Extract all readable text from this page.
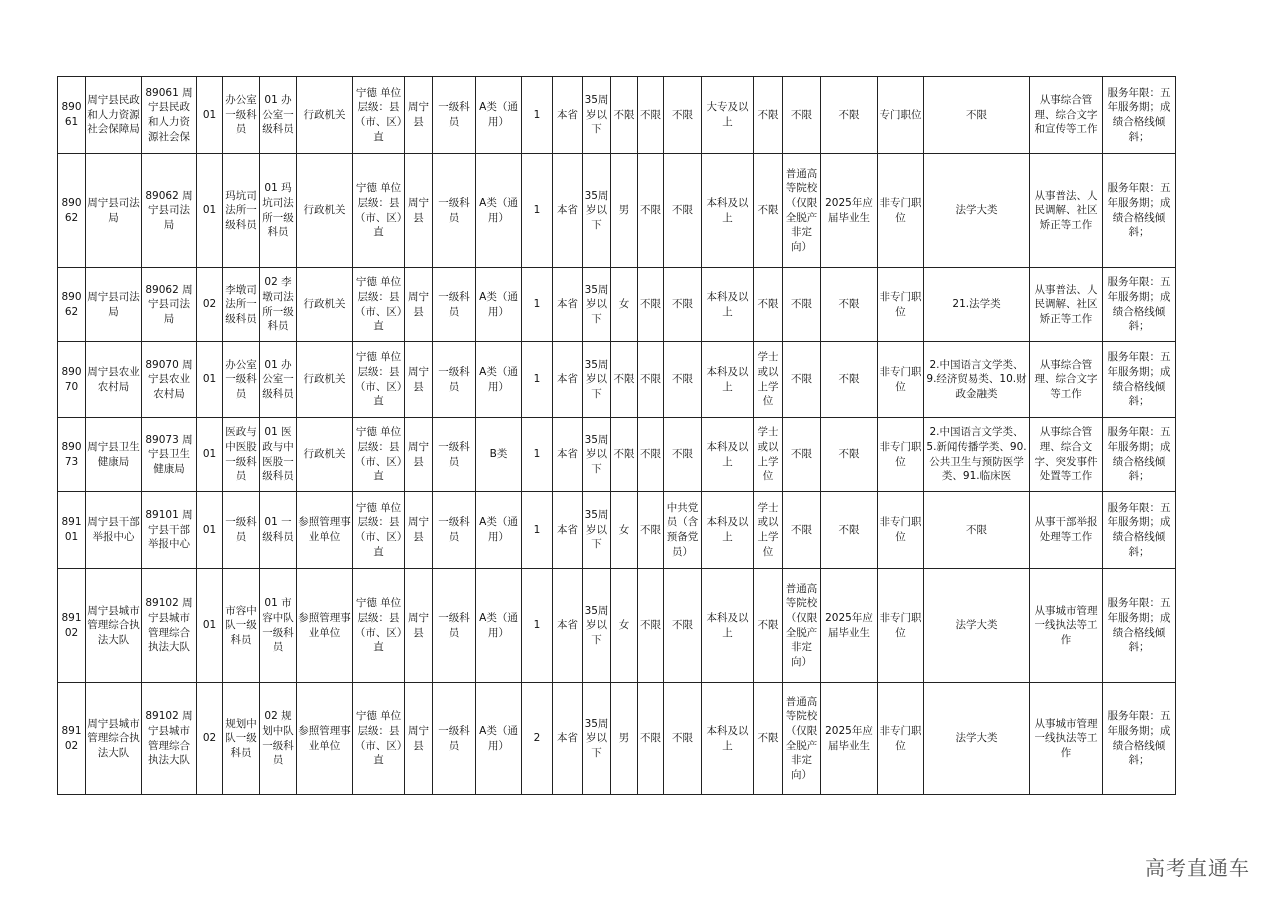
89061	周宁县民政和人力资源社会保障局	89061 周宁县民政和人力资源社会保	01	办公室一级科员	01 办公室一级科员	行政机关	宁德 单位层级：县（市、区）直	周宁县	一级科员	A类（通用）	1	本省	35周岁以下	不限	不限	不限	大专及以上	不限	不限	不限	专门职位	不限	从事综合管理、综合文字和宣传等工作	服务年限：五年服务期；成绩合格线倾斜；
89062	周宁县司法局	89062 周宁县司法局	01	玛坑司法所一级科员	01 玛坑司法所一级科员	行政机关	宁德 单位层级：县（市、区）直	周宁县	一级科员	A类（通用）	1	本省	35周岁以下	男	不限	不限	本科及以上	不限	普通高等院校（仅限全脱产非定向）	2025年应届毕业生	非专门职位	法学大类	从事普法、人民调解、社区矫正等工作	服务年限：五年服务期；成绩合格线倾斜；
89062	周宁县司法局	89062 周宁县司法局	02	李墩司法所一级科员	02 李墩司法所一级科员	行政机关	宁德 单位层级：县（市、区）直	周宁县	一级科员	A类（通用）	1	本省	35周岁以下	女	不限	不限	本科及以上	不限	不限	不限	非专门职位	21.法学类	从事普法、人民调解、社区矫正等工作	服务年限：五年服务期；成绩合格线倾斜；
89070	周宁县农业农村局	89070 周宁县农业农村局	01	办公室一级科员	01 办公室一级科员	行政机关	宁德 单位层级：县（市、区）直	周宁县	一级科员	A类（通用）	1	本省	35周岁以下	不限	不限	不限	本科及以上	学士或以上学位	不限	不限	非专门职位	2.中国语言文学类、9.经济贸易类、10.财政金融类	从事综合管理、综合文字等工作	服务年限：五年服务期；成绩合格线倾斜；
89073	周宁县卫生健康局	89073 周宁县卫生健康局	01	医政与中医股一级科员	01 医政与中医股一级科员	行政机关	宁德 单位层级：县（市、区）直	周宁县	一级科员	B类	1	本省	35周岁以下	不限	不限	不限	本科及以上	学士或以上学位	不限	不限	非专门职位	2.中国语言文学类、5.新闻传播学类、90.公共卫生与预防医学类、91.临床医	从事综合管理、综合文字、突发事件处置等工作	服务年限：五年服务期；成绩合格线倾斜；
89101	周宁县干部举报中心	89101 周宁县干部举报中心	01	一级科员	01 一级科员	参照管理事业单位	宁德 单位层级：县（市、区）直	周宁县	一级科员	A类（通用）	1	本省	35周岁以下	女	不限	中共党员（含预备党员）	本科及以上	学士或以上学位	不限	不限	非专门职位	不限	从事干部举报处理等工作	服务年限：五年服务期；成绩合格线倾斜；
89102	周宁县城市管理综合执法大队	89102 周宁县城市管理综合执法大队	01	市容中队一级科员	01 市容中队一级科员	参照管理事业单位	宁德 单位层级：县（市、区）直	周宁县	一级科员	A类（通用）	1	本省	35周岁以下	女	不限	不限	本科及以上	不限	普通高等院校（仅限全脱产非定向）	2025年应届毕业生	非专门职位	法学大类	从事城市管理一线执法等工作	服务年限：五年服务期；成绩合格线倾斜；
89102	周宁县城市管理综合执法大队	89102 周宁县城市管理综合执法大队	02	规划中队一级科员	02 规划中队一级科员	参照管理事业单位	宁德 单位层级：县（市、区）直	周宁县	一级科员	A类（通用）	2	本省	35周岁以下	男	不限	不限	本科及以上	不限	普通高等院校（仅限全脱产非定向）	2025年应届毕业生	非专门职位	法学大类	从事城市管理一线执法等工作	服务年限：五年服务期；成绩合格线倾斜；
高考直通车
